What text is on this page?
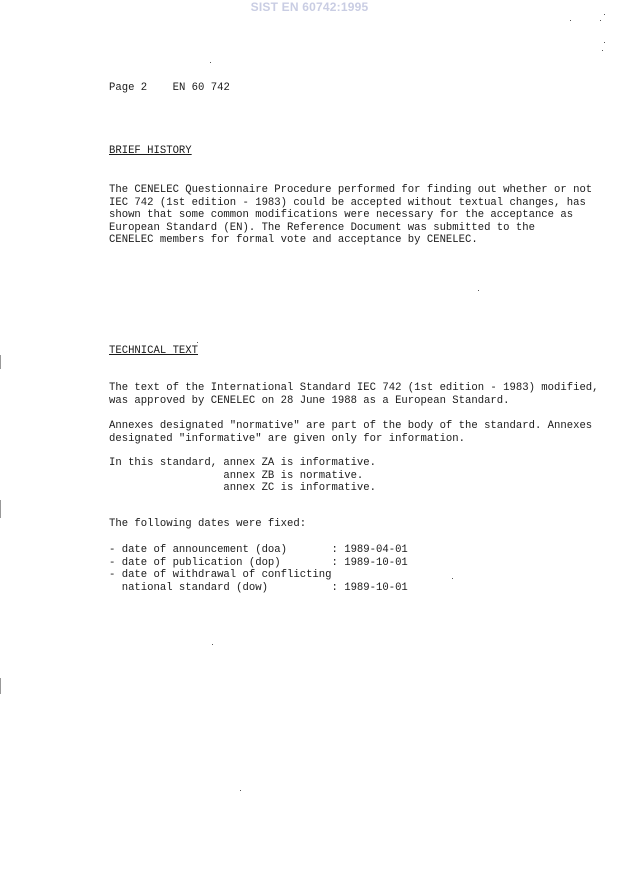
SIST EN 60742:1995
Page 2 EN 60 742
BRIEF HISTORY
The CENELEC Questionnaire Procedure performed for finding out whether or not
IEC 742 (1st edition - 1983) could be accepted without textual changes, has
shown that some common modifications were necessary for the acceptance as
European Standard (EN). The Reference Document was submitted to the
CENELEC members for formal vote and acceptance by CENELEC.
TECHNICAL TEXT
The text of the International Standard IEC 742 (1st edition - 1983) modified,
was approved by CENELEC on 28 June 1988 as a European Standard.
Annexes designated "normative" are part of the body of the standard. Annexes
designated "informative" are given only for information.
In this standard, annex ZA is informative.
annex ZB is normative.
annex ZC is informative.
The following dates were fixed:
- date of announcement (doa)       : 1989-04-01
- date of publication (dop)        : 1989-10-01
- date of withdrawal of conflicting
national standard (dow)          : 1989-10-01
